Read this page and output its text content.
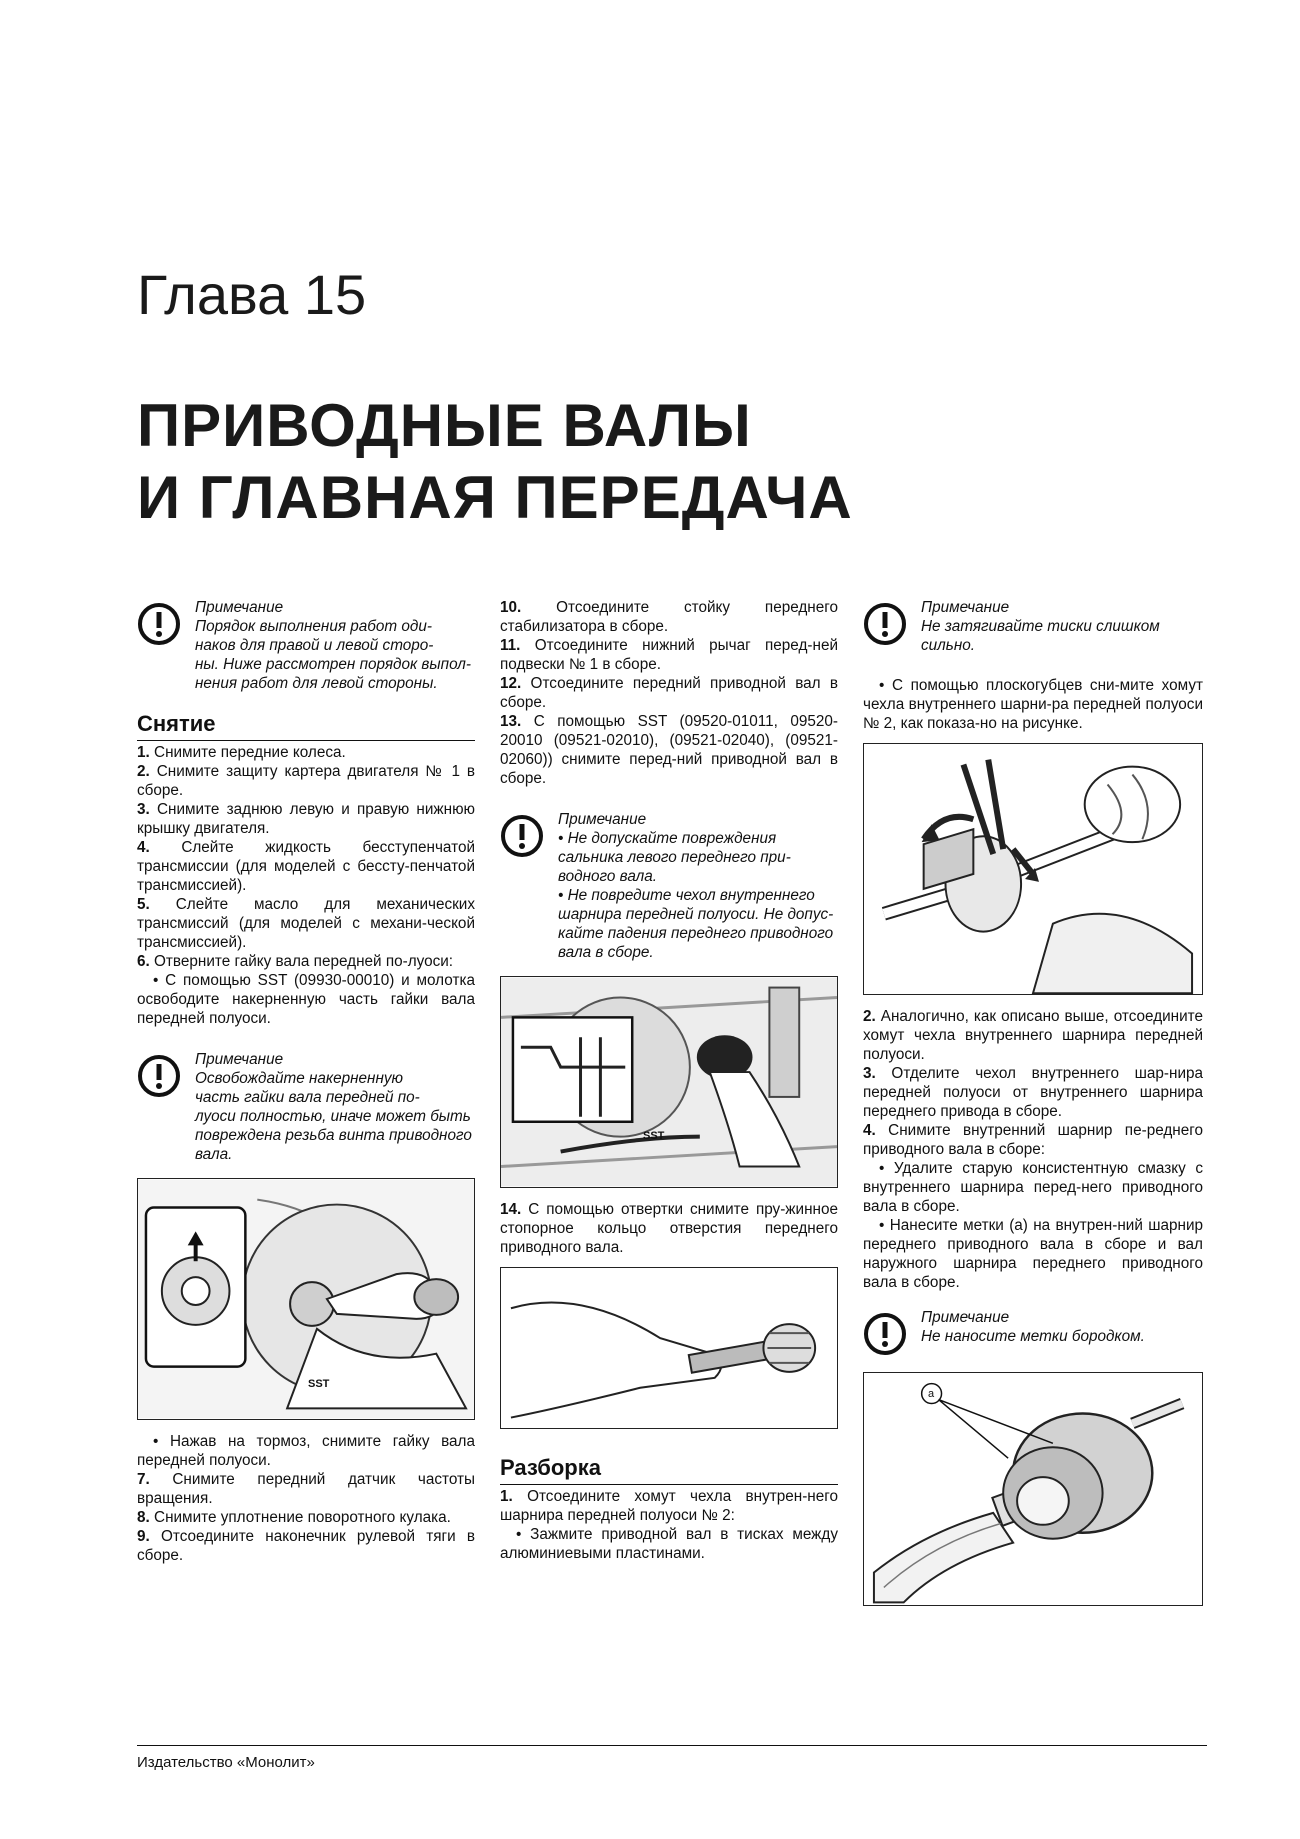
Глава 15
ПРИВОДНЫЕ ВАЛЫ
И ГЛАВНАЯ ПЕРЕДАЧА
Примечание
Порядок выполнения работ оди-
наков для правой и левой сторо-
ны. Ниже рассмотрен порядок выпол-
нения работ для левой стороны.
Снятие

1. Снимите передние колеса.

2. Снимите защиту картера двигателя № 1 в сборе.

3. Снимите заднюю левую и правую нижнюю крышку двигателя.

4. Слейте жидкость бесступенчатой трансмиссии (для моделей с бессту-пенчатой трансмиссией).

5. Слейте масло для механических трансмиссий (для моделей с механи-ческой трансмиссией).

6. Отверните гайку вала передней по-луоси:

• С помощью SST (09930-00010) и молотка освободите накерненную часть гайки вала передней полуоси.

Примечание
Освобождайте накерненную
часть гайки вала передней по-
луоси полностью, иначе может быть
повреждена резьба винта приводного
вала.
SST

• Нажав на тормоз, снимите гайку вала передней полуоси.

7. Снимите передний датчик частоты вращения.

8. Снимите уплотнение поворотного кулака.

9. Отсоедините наконечник рулевой тяги в сборе.

10. Отсоедините стойку переднего стабилизатора в сборе.

11. Отсоедините нижний рычаг перед-ней подвески № 1 в сборе.

12. Отсоедините передний приводной вал в сборе.

13. С помощью SST (09520-01011, 09520-20010 (09521-02010), (09521-02040), (09521-02060)) снимите перед-ний приводной вал в сборе.

Примечание
• Не допускайте повреждения
сальника левого переднего при-
водного вала.
• Не повредите чехол внутреннего
шарнира передней полуоси. Не допус-
кайте падения переднего приводного
вала в сборе.
SST

14. С помощью отвертки снимите пру-жинное стопорное кольцо отверстия переднего приводного вала.

Разборка

1. Отсоедините хомут чехла внутрен-него шарнира передней полуоси № 2:

• Зажмите приводной вал в тисках между алюминиевыми пластинами.

Примечание
Не затягивайте тиски слишком
сильно.

• С помощью плоскогубцев сни-мите хомут чехла внутреннего шарни-ра передней полуоси № 2, как показа-но на рисунке.

2. Аналогично, как описано выше, отсоедините хомут чехла внутреннего шарнира передней полуоси.

3. Отделите чехол внутреннего шар-нира передней полуоси от внутреннего шарнира переднего привода в сборе.

4. Снимите внутренний шарнир пе-реднего приводного вала в сборе:

• Удалите старую консистентную смазку с внутреннего шарнира перед-него приводного вала в сборе.

• Нанесите метки (a) на внутрен-ний шарнир переднего приводного вала в сборе и вал наружного шарнира переднего приводного вала в сборе.

Примечание
Не наносите метки бородком.
a
Издательство «Монолит»
